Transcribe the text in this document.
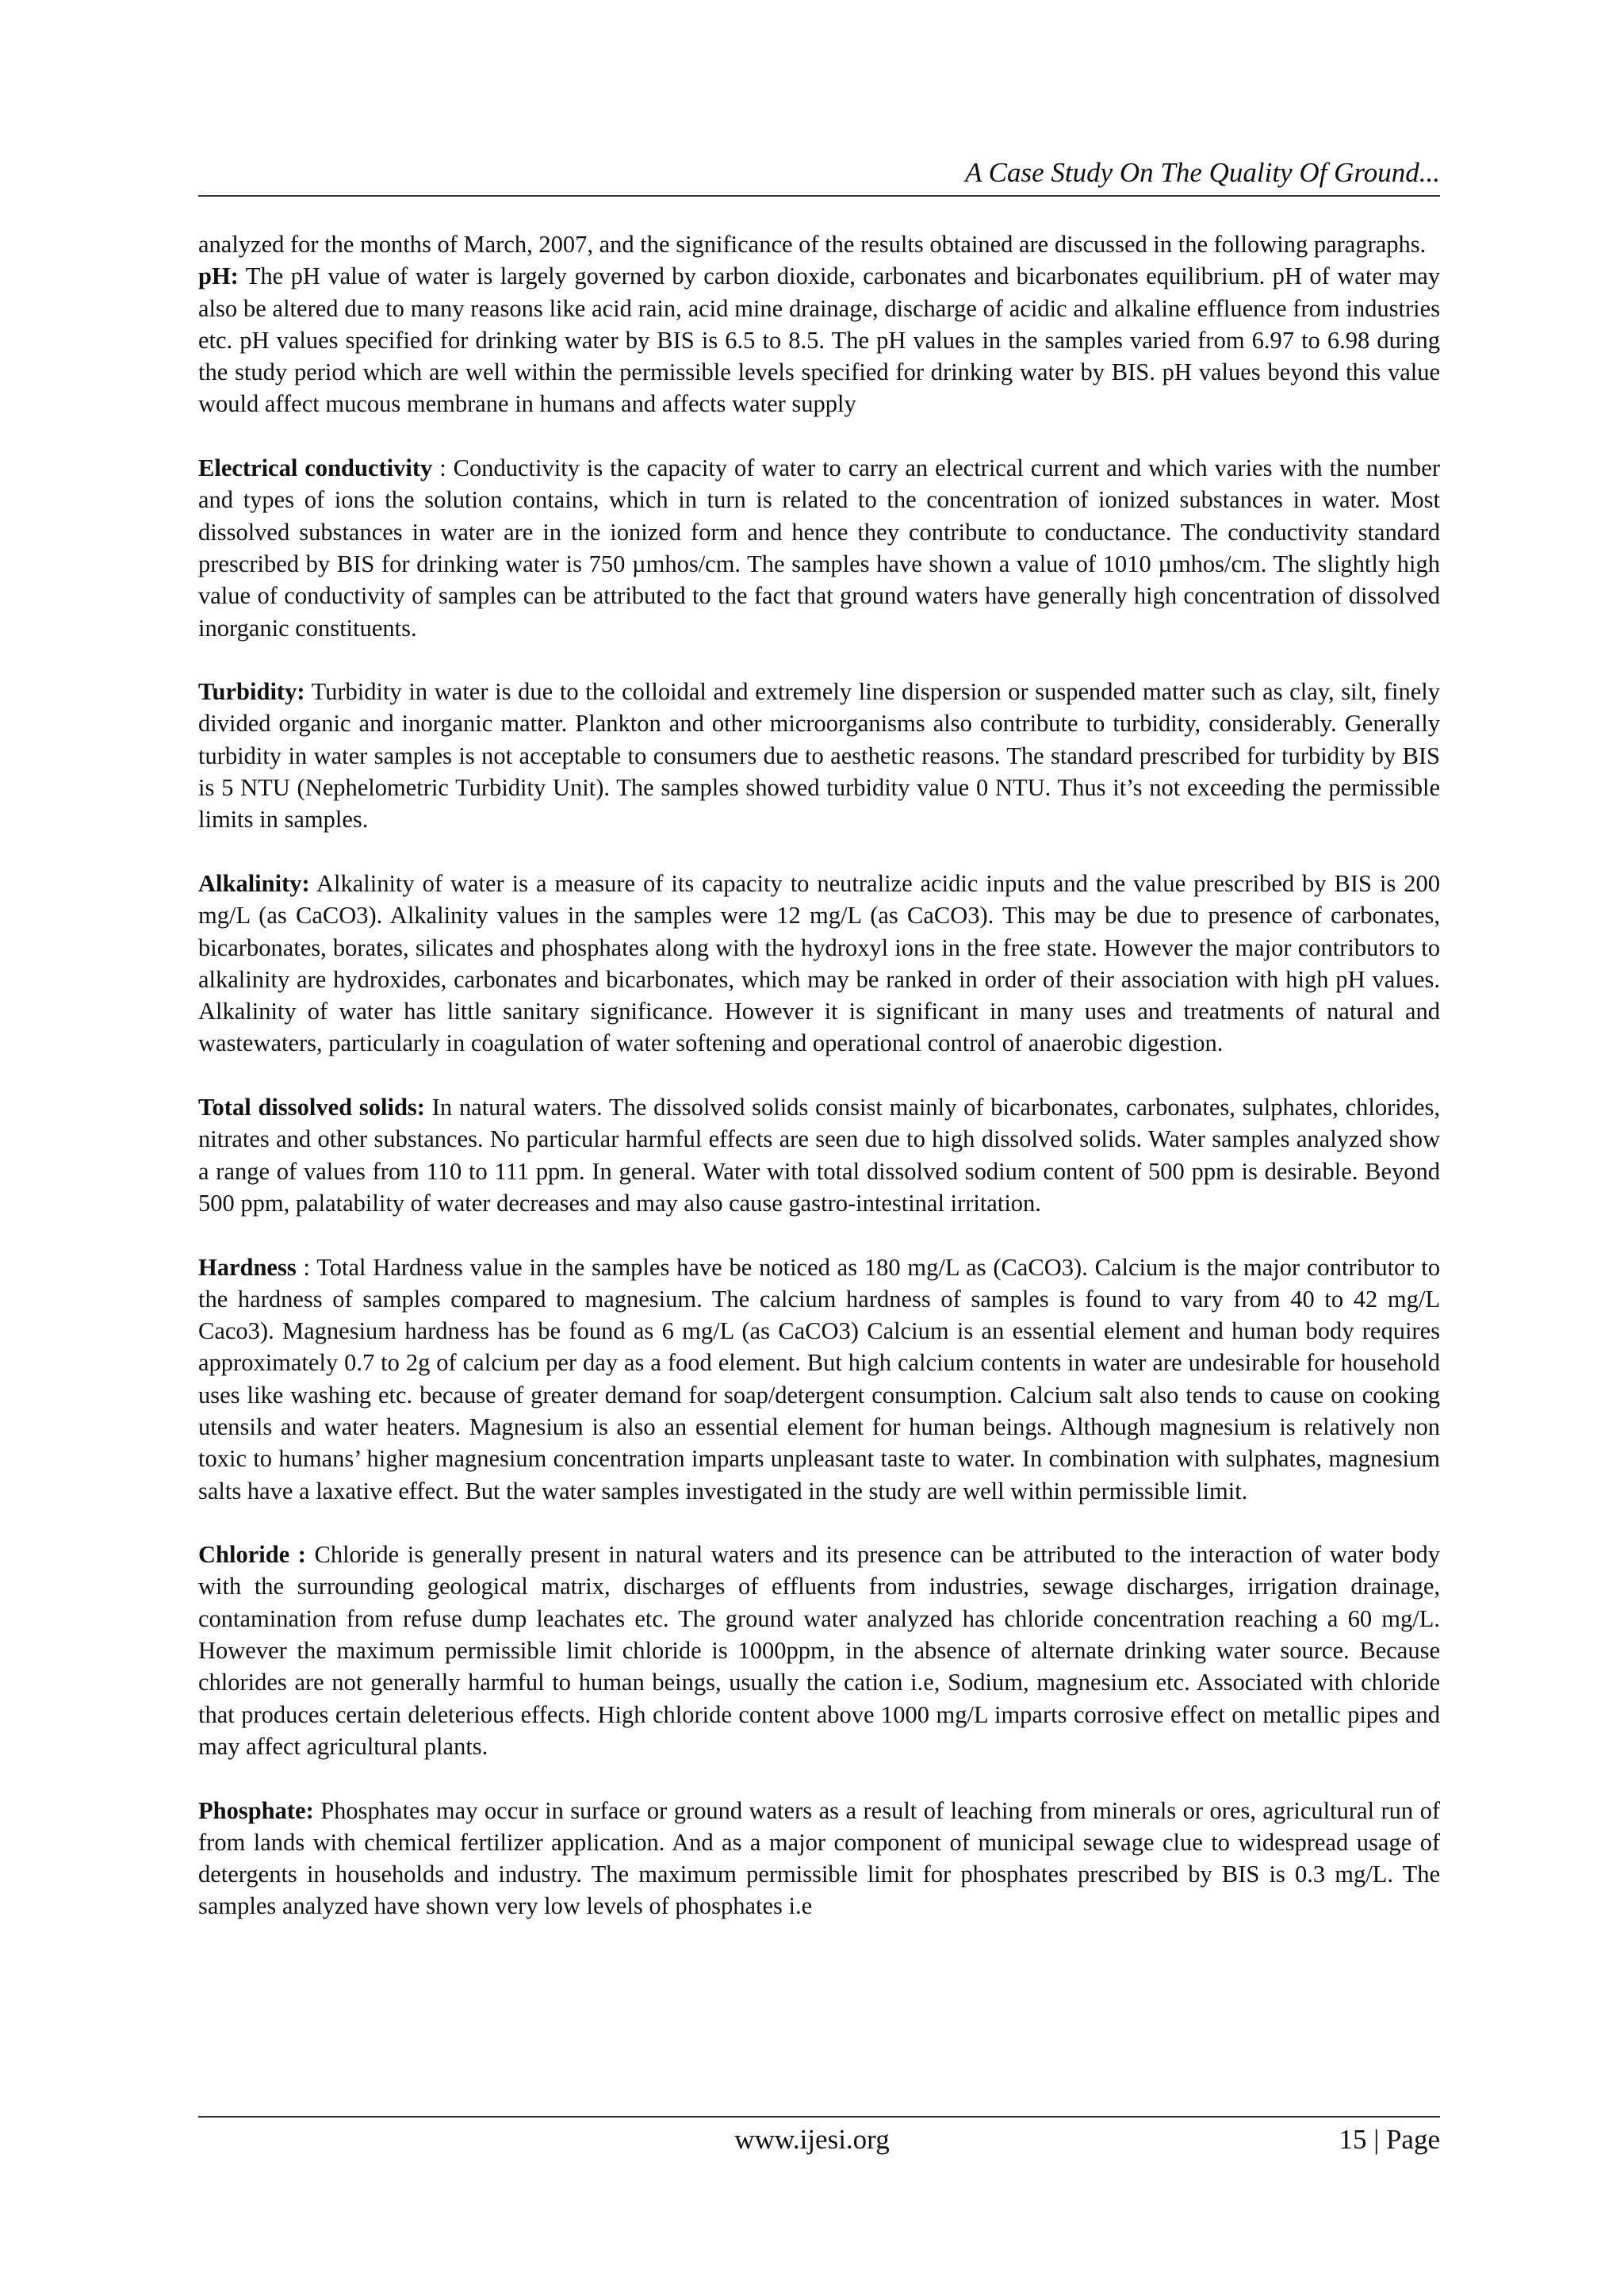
A Case Study On The Quality Of Ground...

analyzed for the months of March, 2007, and the significance of the results obtained are discussed in the following paragraphs.

pH: The pH value of water is largely governed by carbon dioxide, carbonates and bicarbonates equilibrium. pH of water may also be altered due to many reasons like acid rain, acid mine drainage, discharge of acidic and alkaline effluence from industries etc. pH values specified for drinking water by BIS is 6.5 to 8.5. The pH values in the samples varied from 6.97 to 6.98 during the study period which are well within the permissible levels specified for drinking water by BIS. pH values beyond this value would affect mucous membrane in humans and affects water supply

Electrical conductivity : Conductivity is the capacity of water to carry an electrical current and which varies with the number and types of ions the solution contains, which in turn is related to the concentration of ionized substances in water. Most dissolved substances in water are in the ionized form and hence they contribute to conductance. The conductivity standard prescribed by BIS for drinking water is 750 µmhos/cm. The samples have shown a value of 1010 µmhos/cm. The slightly high value of conductivity of samples can be attributed to the fact that ground waters have generally high concentration of dissolved inorganic constituents.

Turbidity: Turbidity in water is due to the colloidal and extremely line dispersion or suspended matter such as clay, silt, finely divided organic and inorganic matter. Plankton and other microorganisms also contribute to turbidity, considerably. Generally turbidity in water samples is not acceptable to consumers due to aesthetic reasons. The standard prescribed for turbidity by BIS is 5 NTU (Nephelometric Turbidity Unit). The samples showed turbidity value 0 NTU. Thus it’s not exceeding the permissible limits in samples.

Alkalinity: Alkalinity of water is a measure of its capacity to neutralize acidic inputs and the value prescribed by BIS is 200 mg/L (as CaCO3). Alkalinity values in the samples were 12 mg/L (as CaCO3). This may be due to presence of carbonates, bicarbonates, borates, silicates and phosphates along with the hydroxyl ions in the free state. However the major contributors to alkalinity are hydroxides, carbonates and bicarbonates, which may be ranked in order of their association with high pH values. Alkalinity of water has little sanitary significance. However it is significant in many uses and treatments of natural and wastewaters, particularly in coagulation of water softening and operational control of anaerobic digestion.

Total dissolved solids: In natural waters. The dissolved solids consist mainly of bicarbonates, carbonates, sulphates, chlorides, nitrates and other substances. No particular harmful effects are seen due to high dissolved solids. Water samples analyzed show a range of values from 110 to 111 ppm. In general. Water with total dissolved sodium content of 500 ppm is desirable. Beyond 500 ppm, palatability of water decreases and may also cause gastro-intestinal irritation.

Hardness : Total Hardness value in the samples have be noticed as 180 mg/L as (CaCO3). Calcium is the major contributor to the hardness of samples compared to magnesium. The calcium hardness of samples is found to vary from 40 to 42 mg/L Caco3). Magnesium hardness has be found as 6 mg/L (as CaCO3) Calcium is an essential element and human body requires approximately 0.7 to 2g of calcium per day as a food element. But high calcium contents in water are undesirable for household uses like washing etc. because of greater demand for soap/detergent consumption. Calcium salt also tends to cause on cooking utensils and water heaters. Magnesium is also an essential element for human beings. Although magnesium is relatively non toxic to humans’ higher magnesium concentration imparts unpleasant taste to water. In combination with sulphates, magnesium salts have a laxative effect. But the water samples investigated in the study are well within permissible limit.

Chloride : Chloride is generally present in natural waters and its presence can be attributed to the interaction of water body with the surrounding geological matrix, discharges of effluents from industries, sewage discharges, irrigation drainage, contamination from refuse dump leachates etc. The ground water analyzed has chloride concentration reaching a 60 mg/L. However the maximum permissible limit chloride is 1000ppm, in the absence of alternate drinking water source. Because chlorides are not generally harmful to human beings, usually the cation i.e, Sodium, magnesium etc. Associated with chloride that produces certain deleterious effects. High chloride content above 1000 mg/L imparts corrosive effect on metallic pipes and may affect agricultural plants.

Phosphate: Phosphates may occur in surface or ground waters as a result of leaching from minerals or ores, agricultural run of from lands with chemical fertilizer application. And as a major component of municipal sewage clue to widespread usage of detergents in households and industry. The maximum permissible limit for phosphates prescribed by BIS is 0.3 mg/L. The samples analyzed have shown very low levels of phosphates i.e

www.ijesi.org	15 | Page
